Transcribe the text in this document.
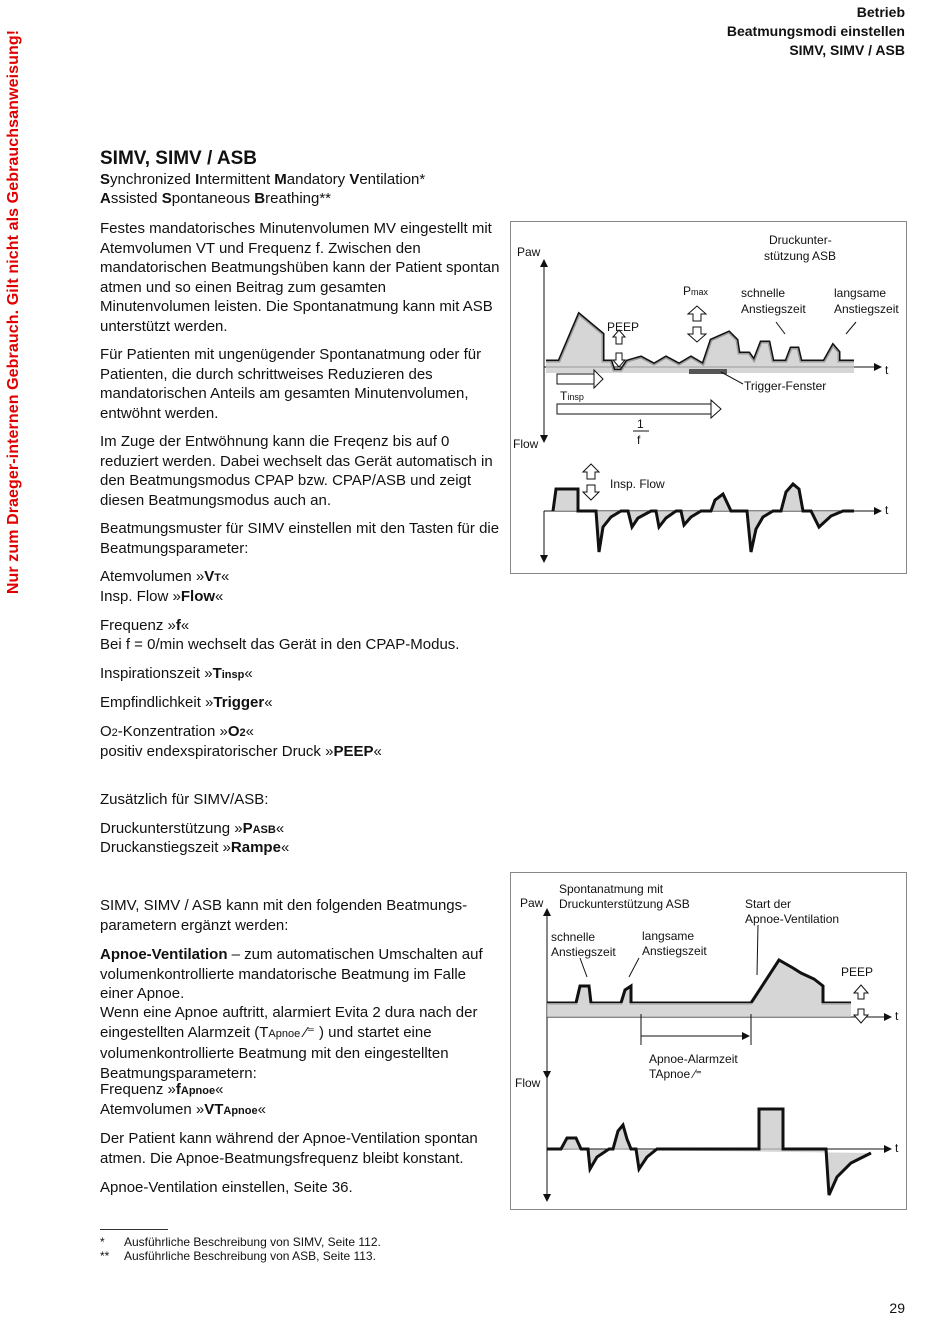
Nur zum Draeger-internen Gebrauch. Gilt nicht als Gebrauchsanweisung!
Betrieb
Beatmungsmodi einstellen
SIMV, SIMV / ASB
SIMV, SIMV / ASB
Synchronized Intermittent Mandatory Ventilation*
Assisted Spontaneous Breathing**
Festes mandatorisches Minutenvolumen MV eingestellt mit Atemvolumen VT und Frequenz f. Zwischen den mandatorischen Beatmungshüben kann der Patient spontan atmen und so einen Beitrag zum gesamten Minutenvolumen leisten. Die Spontanatmung kann mit ASB unterstützt werden.
Für Patienten mit ungenügender Spontanatmung oder für Patienten, die durch schrittweises Reduzieren des mandatorischen Anteils am gesamten Minutenvolumen, entwöhnt werden.
Im Zuge der Entwöhnung kann die Freqenz bis auf 0 reduziert werden. Dabei wechselt das Gerät automatisch in den Beatmungsmodus CPAP bzw. CPAP/ASB und zeigt diesen Beatmungsmodus auch an.
Beatmungsmuster für SIMV einstellen mit den Tasten für die Beatmungsparameter:
Atemvolumen »VT«
Insp. Flow »Flow«
Frequenz »f«
Bei f = 0/min wechselt das Gerät in den CPAP-Modus.
Inspirationszeit »Tinsp«
Empfindlichkeit »Trigger«
O2-Konzentration »O2«
positiv endexspiratorischer Druck »PEEP«
Zusätzlich für SIMV/ASB:
Druckunterstützung »PASB«
Druckanstiegszeit »Rampe«
SIMV, SIMV / ASB kann mit den folgenden Beatmungs-parametern ergänzt werden:
Apnoe-Ventilation – zum automatischen Umschalten auf volumenkontrollierte mandatorische Beatmung im Falle einer Apnoe.
Wenn eine Apnoe auftritt, alarmiert Evita 2 dura nach der eingestellten Alarmzeit (TApnoe ⁄⁼ ) und startet eine volumenkontrollierte Beatmung mit den eingestellten Beatmungsparametern:
Frequenz »fApnoe«
Atemvolumen »VTApnoe«
Der Patient kann während der Apnoe-Ventilation spontan atmen. Die Apnoe-Beatmungsfrequenz bleibt konstant.
Apnoe-Ventilation einstellen, Seite 36.
* Ausführliche Beschreibung von SIMV, Seite 112.
** Ausführliche Beschreibung von ASB, Seite 113.
29
Paw
Flow
t
t
Druckunter-
stützung ASB
Pmax
PEEP
schnelle
Anstiegszeit
langsame
Anstiegszeit
Trigger-Fenster
Tinsp
1
f
Insp. Flow
Paw
Flow
t
t
Spontanatmung mit
Druckunterstützung ASB
schnelle
Anstiegszeit
langsame
Anstiegszeit
Start der
Apnoe-Ventilation
PEEP
Apnoe-Alarmzeit
TApnoe ⁄⁼
